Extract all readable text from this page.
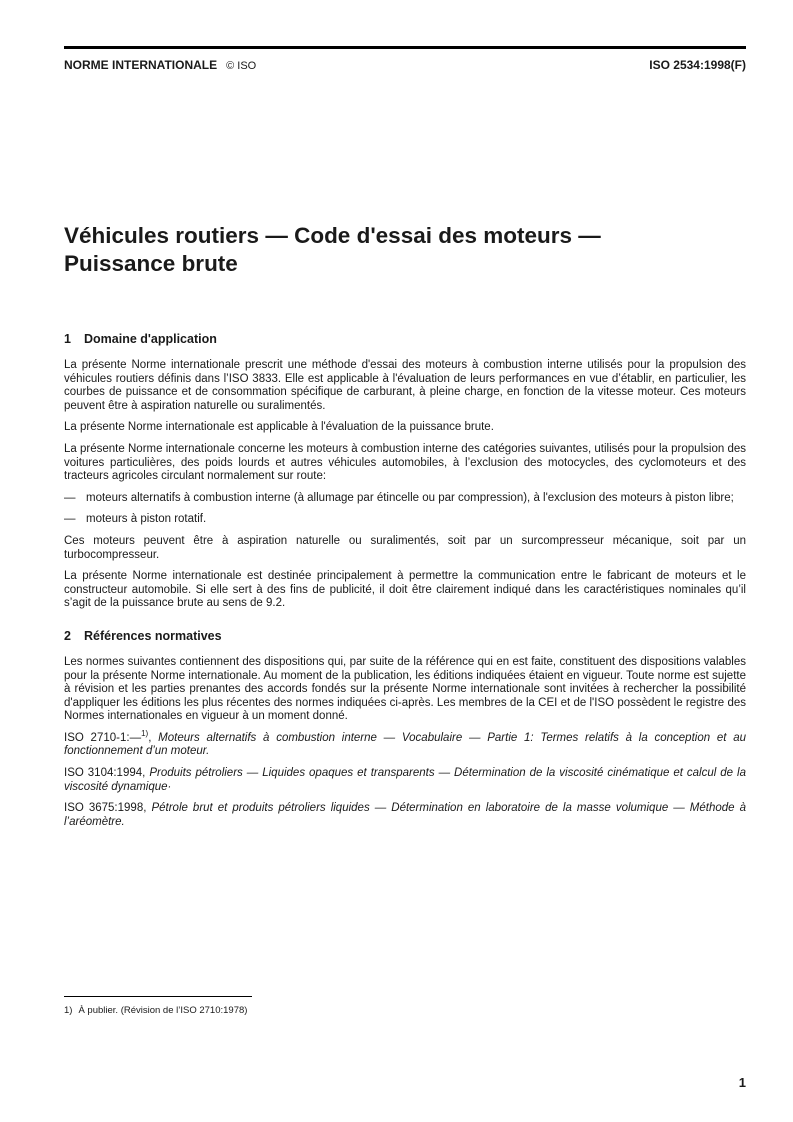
NORME INTERNATIONALE © ISO	ISO 2534:1998(F)
Véhicules routiers — Code d'essai des moteurs —
Puissance brute
1 Domaine d'application

La présente Norme internationale prescrit une méthode d'essai des moteurs à combustion interne utilisés pour la propulsion des véhicules routiers définis dans l’ISO 3833. Elle est applicable à l'évaluation de leurs performances en vue d’établir, en particulier, les courbes de puissance et de consommation spécifique de carburant, à pleine charge, en fonction de la vitesse moteur. Ces moteurs peuvent être à aspiration naturelle ou suralimentés.

La présente Norme internationale est applicable à l'évaluation de la puissance brute.

La présente Norme internationale concerne les moteurs à combustion interne des catégories suivantes, utilisés pour la propulsion des voitures particulières, des poids lourds et autres véhicules automobiles, à l’exclusion des motocycles, des cyclomoteurs et des tracteurs agricoles circulant normalement sur route:

— moteurs alternatifs à combustion interne (à allumage par étincelle ou par compression), à l'exclusion des moteurs à piston libre;
— moteurs à piston rotatif.

Ces moteurs peuvent être à aspiration naturelle ou suralimentés, soit par un surcompresseur mécanique, soit par un turbocompresseur.

La présente Norme internationale est destinée principalement à permettre la communication entre le fabricant de moteurs et le constructeur automobile. Si elle sert à des fins de publicité, il doit être clairement indiqué dans les caractéristiques nominales qu’il s’agit de la puissance brute au sens de 9.2.

2 Références normatives

Les normes suivantes contiennent des dispositions qui, par suite de la référence qui en est faite, constituent des dispositions valables pour la présente Norme internationale. Au moment de la publication, les éditions indiquées étaient en vigueur. Toute norme est sujette à révision et les parties prenantes des accords fondés sur la présente Norme internationale sont invitées à rechercher la possibilité d'appliquer les éditions les plus récentes des normes indiquées ci-après. Les membres de la CEI et de l'ISO possèdent le registre des Normes internationales en vigueur à un moment donné.

ISO 2710-1:—$^{1)}$, Moteurs alternatifs à combustion interne — Vocabulaire — Partie 1: Termes relatifs à la conception et au fonctionnement d’un moteur.

ISO 3104:1994, Produits pétroliers — Liquides opaques et transparents — Détermination de la viscosité cinématique et calcul de la viscosité dynamique·

ISO 3675:1998, Pétrole brut et produits pétroliers liquides — Détermination en laboratoire de la masse volumique — Méthode à l’aréomètre.

1) À publier. (Révision de l’ISO 2710:1978)
1
